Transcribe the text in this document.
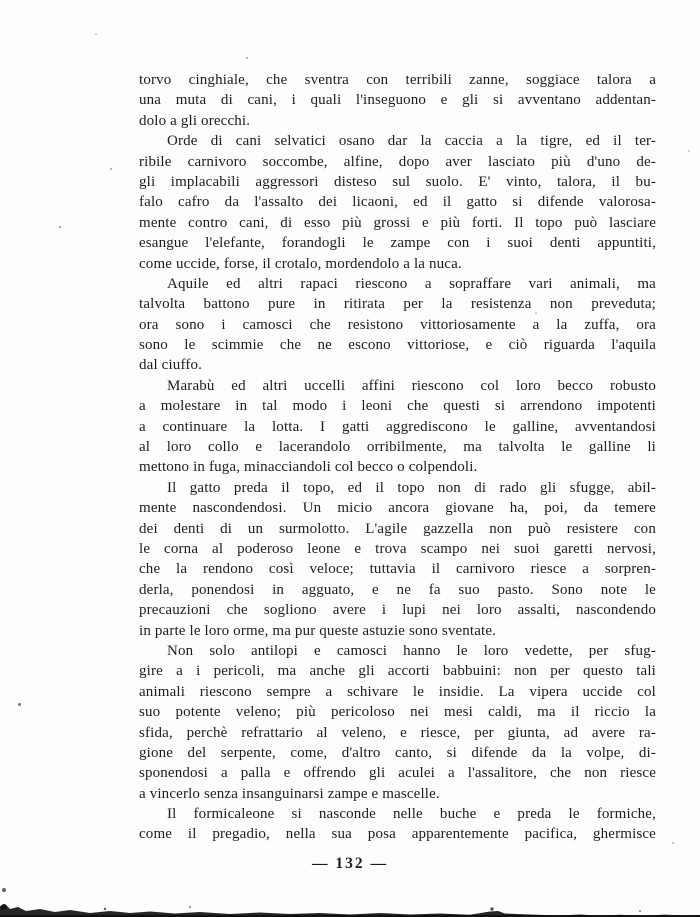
torvo cinghiale, che sventra con terribili zanne, soggiace talora a
una muta di cani, i quali l'inseguono e gli si avventano addentan-
dolo a gli orecchi.
Orde di cani selvatici osano dar la caccia a la tigre, ed il ter-
ribile carnivoro soccombe, alfine, dopo aver lasciato più d'uno de-
gli implacabili aggressori disteso sul suolo. E' vinto, talora, il bu-
falo cafro da l'assalto dei licaoni, ed il gatto si difende valorosa-
mente contro cani, di esso più grossi e più forti. Il topo può lasciare
esangue l'elefante, forandogli le zampe con i suoi denti appuntiti,
come uccide, forse, il crotalo, mordendolo a la nuca.
Aquile ed altri rapaci riescono a sopraffare vari animali, ma
talvolta battono pure in ritirata per la resistenza non preveduta;
ora sono i camosci che resistono vittoriosamente a la zuffa, ora
sono le scimmie che ne escono vittoriose, e ciò riguarda l'aquila
dal ciuffo.
Marabù ed altri uccelli affini riescono col loro becco robusto
a molestare in tal modo i leoni che questi si arrendono impotenti
a continuare la lotta. I gatti aggrediscono le galline, avventandosi
al loro collo e lacerandolo orribilmente, ma talvolta le galline li
mettono in fuga, minacciandoli col becco o colpendoli.
Il gatto preda il topo, ed il topo non di rado gli sfugge, abil-
mente nascondendosi. Un micio ancora giovane ha, poi, da temere
dei denti di un surmolotto. L'agile gazzella non può resistere con
le corna al poderoso leone e trova scampo nei suoi garetti nervosi,
che la rendono così veloce; tuttavia il carnivoro riesce a sorpren-
derla, ponendosi in agguato, e ne fa suo pasto. Sono note le
precauzioni che sogliono avere i lupi nei loro assalti, nascondendo
in parte le loro orme, ma pur queste astuzie sono sventate.
Non solo antilopi e camosci hanno le loro vedette, per sfug-
gire a i pericoli, ma anche gli accorti babbuini: non per questo tali
animali riescono sempre a schivare le insidie. La vipera uccide col
suo potente veleno; più pericoloso nei mesi caldi, ma il riccio la
sfida, perchè refrattario al veleno, e riesce, per giunta, ad avere ra-
gione del serpente, come, d'altro canto, si difende da la volpe, di-
sponendosi a palla e offrendo gli aculei a l'assalitore, che non riesce
a vincerlo senza insanguinarsi zampe e mascelle.
Il formicaleone si nasconde nelle buche e preda le formiche,
come il pregadio, nella sua posa apparentemente pacifica, ghermisce
— 132 —
